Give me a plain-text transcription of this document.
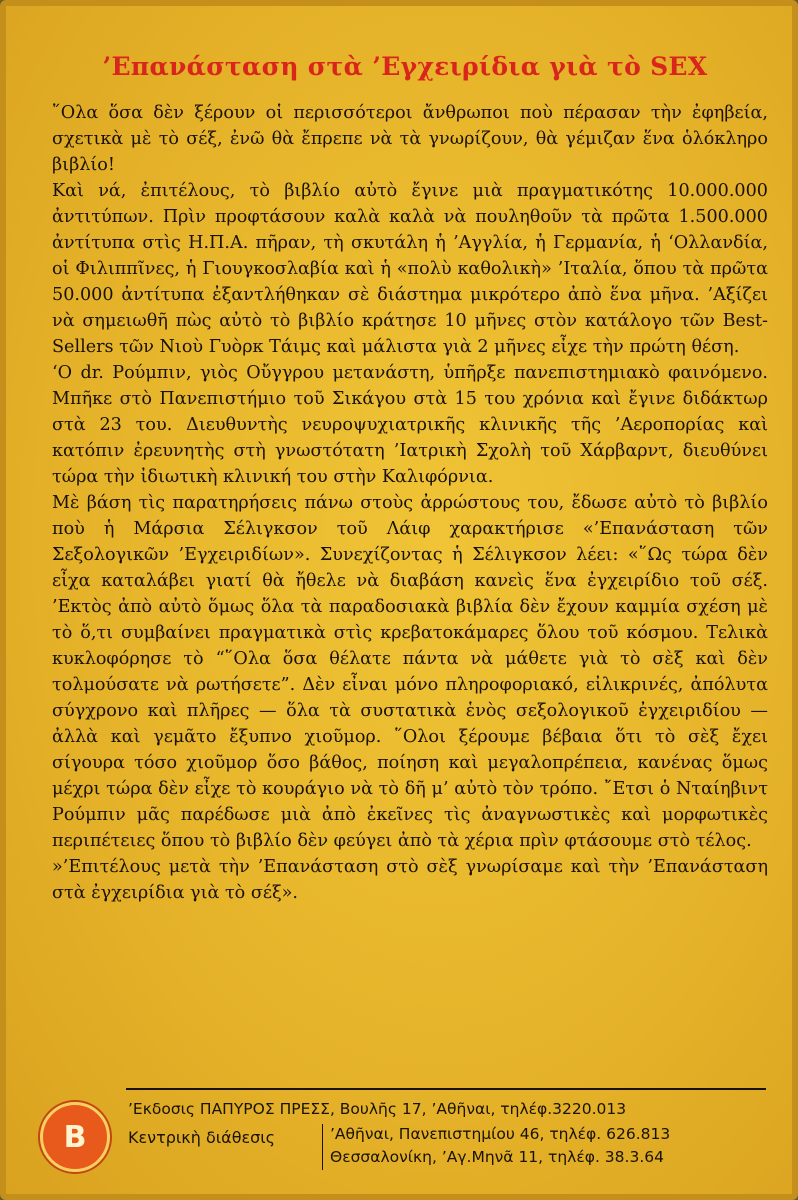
’Επανάσταση στὰ ’Εγχειρίδια γιὰ τὸ SEX

῞Ολα ὅσα δὲν ξέρουν οἱ περισσότεροι ἄνθρωποι ποὺ πέρασαν τὴν ἐφηβεία, σχετικὰ μὲ τὸ σέξ, ἐνῶ θὰ ἔπρεπε νὰ τὰ γνωρίζουν, θὰ γέμιζαν ἕνα ὁλόκληρο βιβλίο!

Καὶ νά, ἐπιτέλους, τὸ βιβλίο αὐτὸ ἔγινε μιὰ πραγματικότης 10.000.000 ἀντιτύπων. Πρὶν προφτάσουν καλὰ καλὰ νὰ πουληθοῦν τὰ πρῶτα 1.500.000 ἀντίτυπα στὶς Η.Π.Α. πῆραν, τὴ σκυτάλη ἡ ’Αγγλία, ἡ Γερμανία, ἡ ‘Ολλανδία, οἱ Φιλιππῖνες, ἡ Γιουγκοσλαβία καὶ ἡ «πολὺ καθολικὴ» ’Ιταλία, ὅπου τὰ πρῶτα 50.000 ἀντίτυπα ἐξαντλήθηκαν σὲ διάστημα μικρότερο ἀπὸ ἕνα μῆνα. ’Αξίζει νὰ σημειωθῆ πὼς αὐτὸ τὸ βιβλίο κράτησε 10 μῆνες στὸν κατάλογο τῶν Best-Sellers τῶν Νιοὺ Γυὸρκ Τάιμς καὶ μάλιστα γιὰ 2 μῆνες εἶχε τὴν πρώτη θέση.

‘Ο dr. Ρούμπιν, γιὸς Οὔγγρου μετανάστη, ὑπῆρξε πανεπιστημιακὸ φαινόμενο. Μπῆκε στὸ Πανεπιστήμιο τοῦ Σικάγου στὰ 15 του χρόνια καὶ ἔγινε διδάκτωρ στὰ 23 του. Διευθυντὴς νευροψυχιατρικῆς κλινικῆς τῆς ’Αεροπορίας καὶ κατόπιν ἐρευνητὴς στὴ γνωστότατη ’Ιατρικὴ Σχολὴ τοῦ Χάρβαρντ, διευθύνει τώρα τὴν ἰδιωτικὴ κλινική του στὴν Καλιφόρνια.

Μὲ βάση τὶς παρατηρήσεις πάνω στοὺς ἀρρώστους του, ἔδωσε αὐτὸ τὸ βιβλίο ποὺ ἡ Μάρσια Σέλιγκσον τοῦ Λάιφ χαρακτήρισε «’Επανάσταση τῶν Σεξολογικῶν ’Εγχειριδίων». Συνεχίζοντας ἡ Σέλιγκσον λέει: «῞Ως τώρα δὲν εἶχα καταλάβει γιατί θὰ ἤθελε νὰ διαβάση κανεὶς ἕνα ἐγχειρίδιο τοῦ σέξ. ’Εκτὸς ἀπὸ αὐτὸ ὅμως ὅλα τὰ παραδοσιακὰ βιβλία δὲν ἔχουν καμμία σχέση μὲ τὸ ὅ,τι συμβαίνει πραγματικὰ στὶς κρεβατοκάμαρες ὅλου τοῦ κόσμου. Τελικὰ κυκλοφόρησε τὸ “῞Ολα ὅσα θέλατε πάντα νὰ μάθετε γιὰ τὸ σὲξ καὶ δὲν τολμούσατε νὰ ρωτήσετε”. Δὲν εἶναι μόνο πληροφοριακό, εἰλικρινές, ἀπόλυτα σύγχρονο καὶ πλῆρες — ὅλα τὰ συστατικὰ ἑνὸς σεξολογικοῦ ἐγχειριδίου — ἀλλὰ καὶ γεμᾶτο ἔξυπνο χιοῦμορ. ῞Ολοι ξέρουμε βέβαια ὅτι τὸ σὲξ ἔχει σίγουρα τόσο χιοῦμορ ὅσο βάθος, ποίηση καὶ μεγαλοπρέπεια, κανένας ὅμως μέχρι τώρα δὲν εἶχε τὸ κουράγιο νὰ τὸ δῆ μ’ αὐτὸ τὸν τρόπο. ῎Ετσι ὁ Νταίηβιντ Ρούμπιν μᾶς παρέδωσε μιὰ ἀπὸ ἐκεῖνες τὶς ἀναγνωστικὲς καὶ μορφωτικὲς περιπέτειες ὅπου τὸ βιβλίο δὲν φεύγει ἀπὸ τὰ χέρια πρὶν φτάσουμε στὸ τέλος.

»’Επιτέλους μετὰ τὴν ’Επανάσταση στὸ σὲξ γνωρίσαμε καὶ τὴν ’Επανάσταση στὰ ἐγχειρίδια γιὰ τὸ σέξ».

B
’Εκδοσις ΠΑΠΥΡΟΣ ΠΡΕΣΣ, Βουλῆς 17, ’Αθῆναι, τηλέφ.3220.013
Κεντρικὴ διάθεσις	’Αθῆναι, Πανεπιστημίου 46, τηλέφ. 626.813
Θεσσαλονίκη, ’Αγ.Μηνᾶ 11, τηλέφ. 38.3.64
